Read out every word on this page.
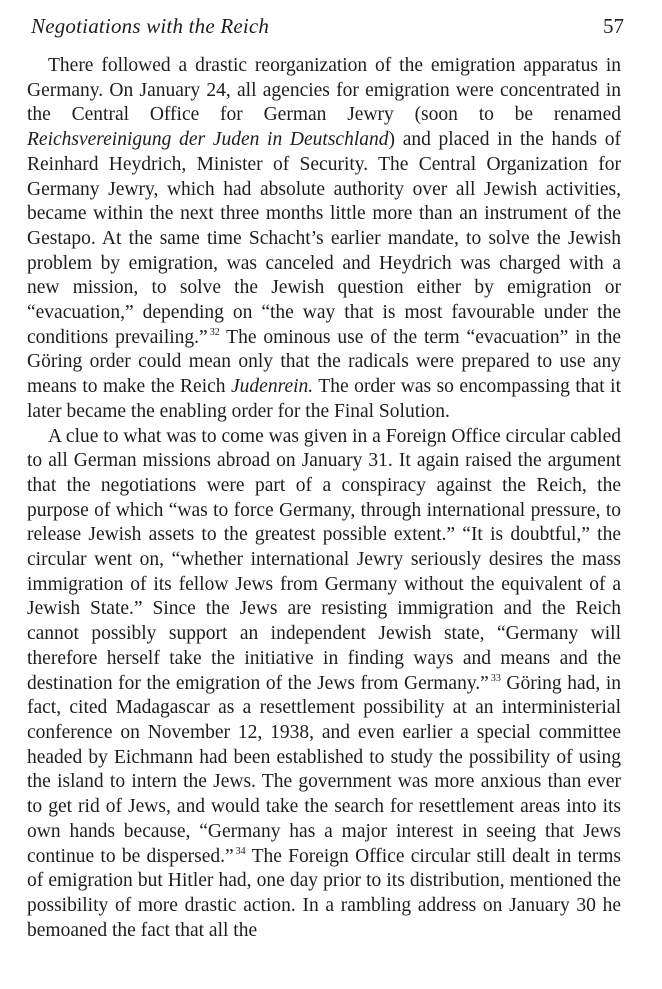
Negotiations with the Reich	57

There followed a drastic reorganization of the emigration apparatus in Germany. On January 24, all agencies for emigration were concentrated in the Central Office for German Jewry (soon to be renamed Reichsvereinigung der Juden in Deutschland) and placed in the hands of Reinhard Heydrich, Minister of Security. The Central Organization for Germany Jewry, which had absolute authority over all Jewish activities, became within the next three months little more than an instrument of the Gestapo. At the same time Schacht’s earlier mandate, to solve the Jewish problem by emigration, was canceled and Heydrich was charged with a new mission, to solve the Jewish question either by emigration or “evacuation,” depending on “the way that is most favourable under the conditions prevailing.” $^{32}$ The ominous use of the term “evacuation” in the Göring order could mean only that the radicals were prepared to use any means to make the Reich Judenrein. The order was so encompassing that it later became the enabling order for the Final Solution.

A clue to what was to come was given in a Foreign Office circular cabled to all German missions abroad on January 31. It again raised the argument that the negotiations were part of a conspiracy against the Reich, the purpose of which “was to force Germany, through international pressure, to release Jewish assets to the greatest possible extent.” “It is doubtful,” the circular went on, “whether international Jewry seriously desires the mass immigration of its fellow Jews from Germany without the equivalent of a Jewish State.” Since the Jews are resisting immigration and the Reich cannot possibly support an independent Jewish state, “Germany will therefore herself take the initiative in finding ways and means and the destination for the emigration of the Jews from Germany.” $^{33}$ Göring had, in fact, cited Madagascar as a resettlement possibility at an interministerial conference on November 12, 1938, and even earlier a special committee headed by Eichmann had been established to study the possibility of using the island to intern the Jews. The government was more anxious than ever to get rid of Jews, and would take the search for resettlement areas into its own hands because, “Germany has a major interest in seeing that Jews continue to be dispersed.” $^{34}$ The Foreign Office circular still dealt in terms of emigration but Hitler had, one day prior to its distribution, mentioned the possibility of more drastic action. In a rambling address on January 30 he bemoaned the fact that all the
